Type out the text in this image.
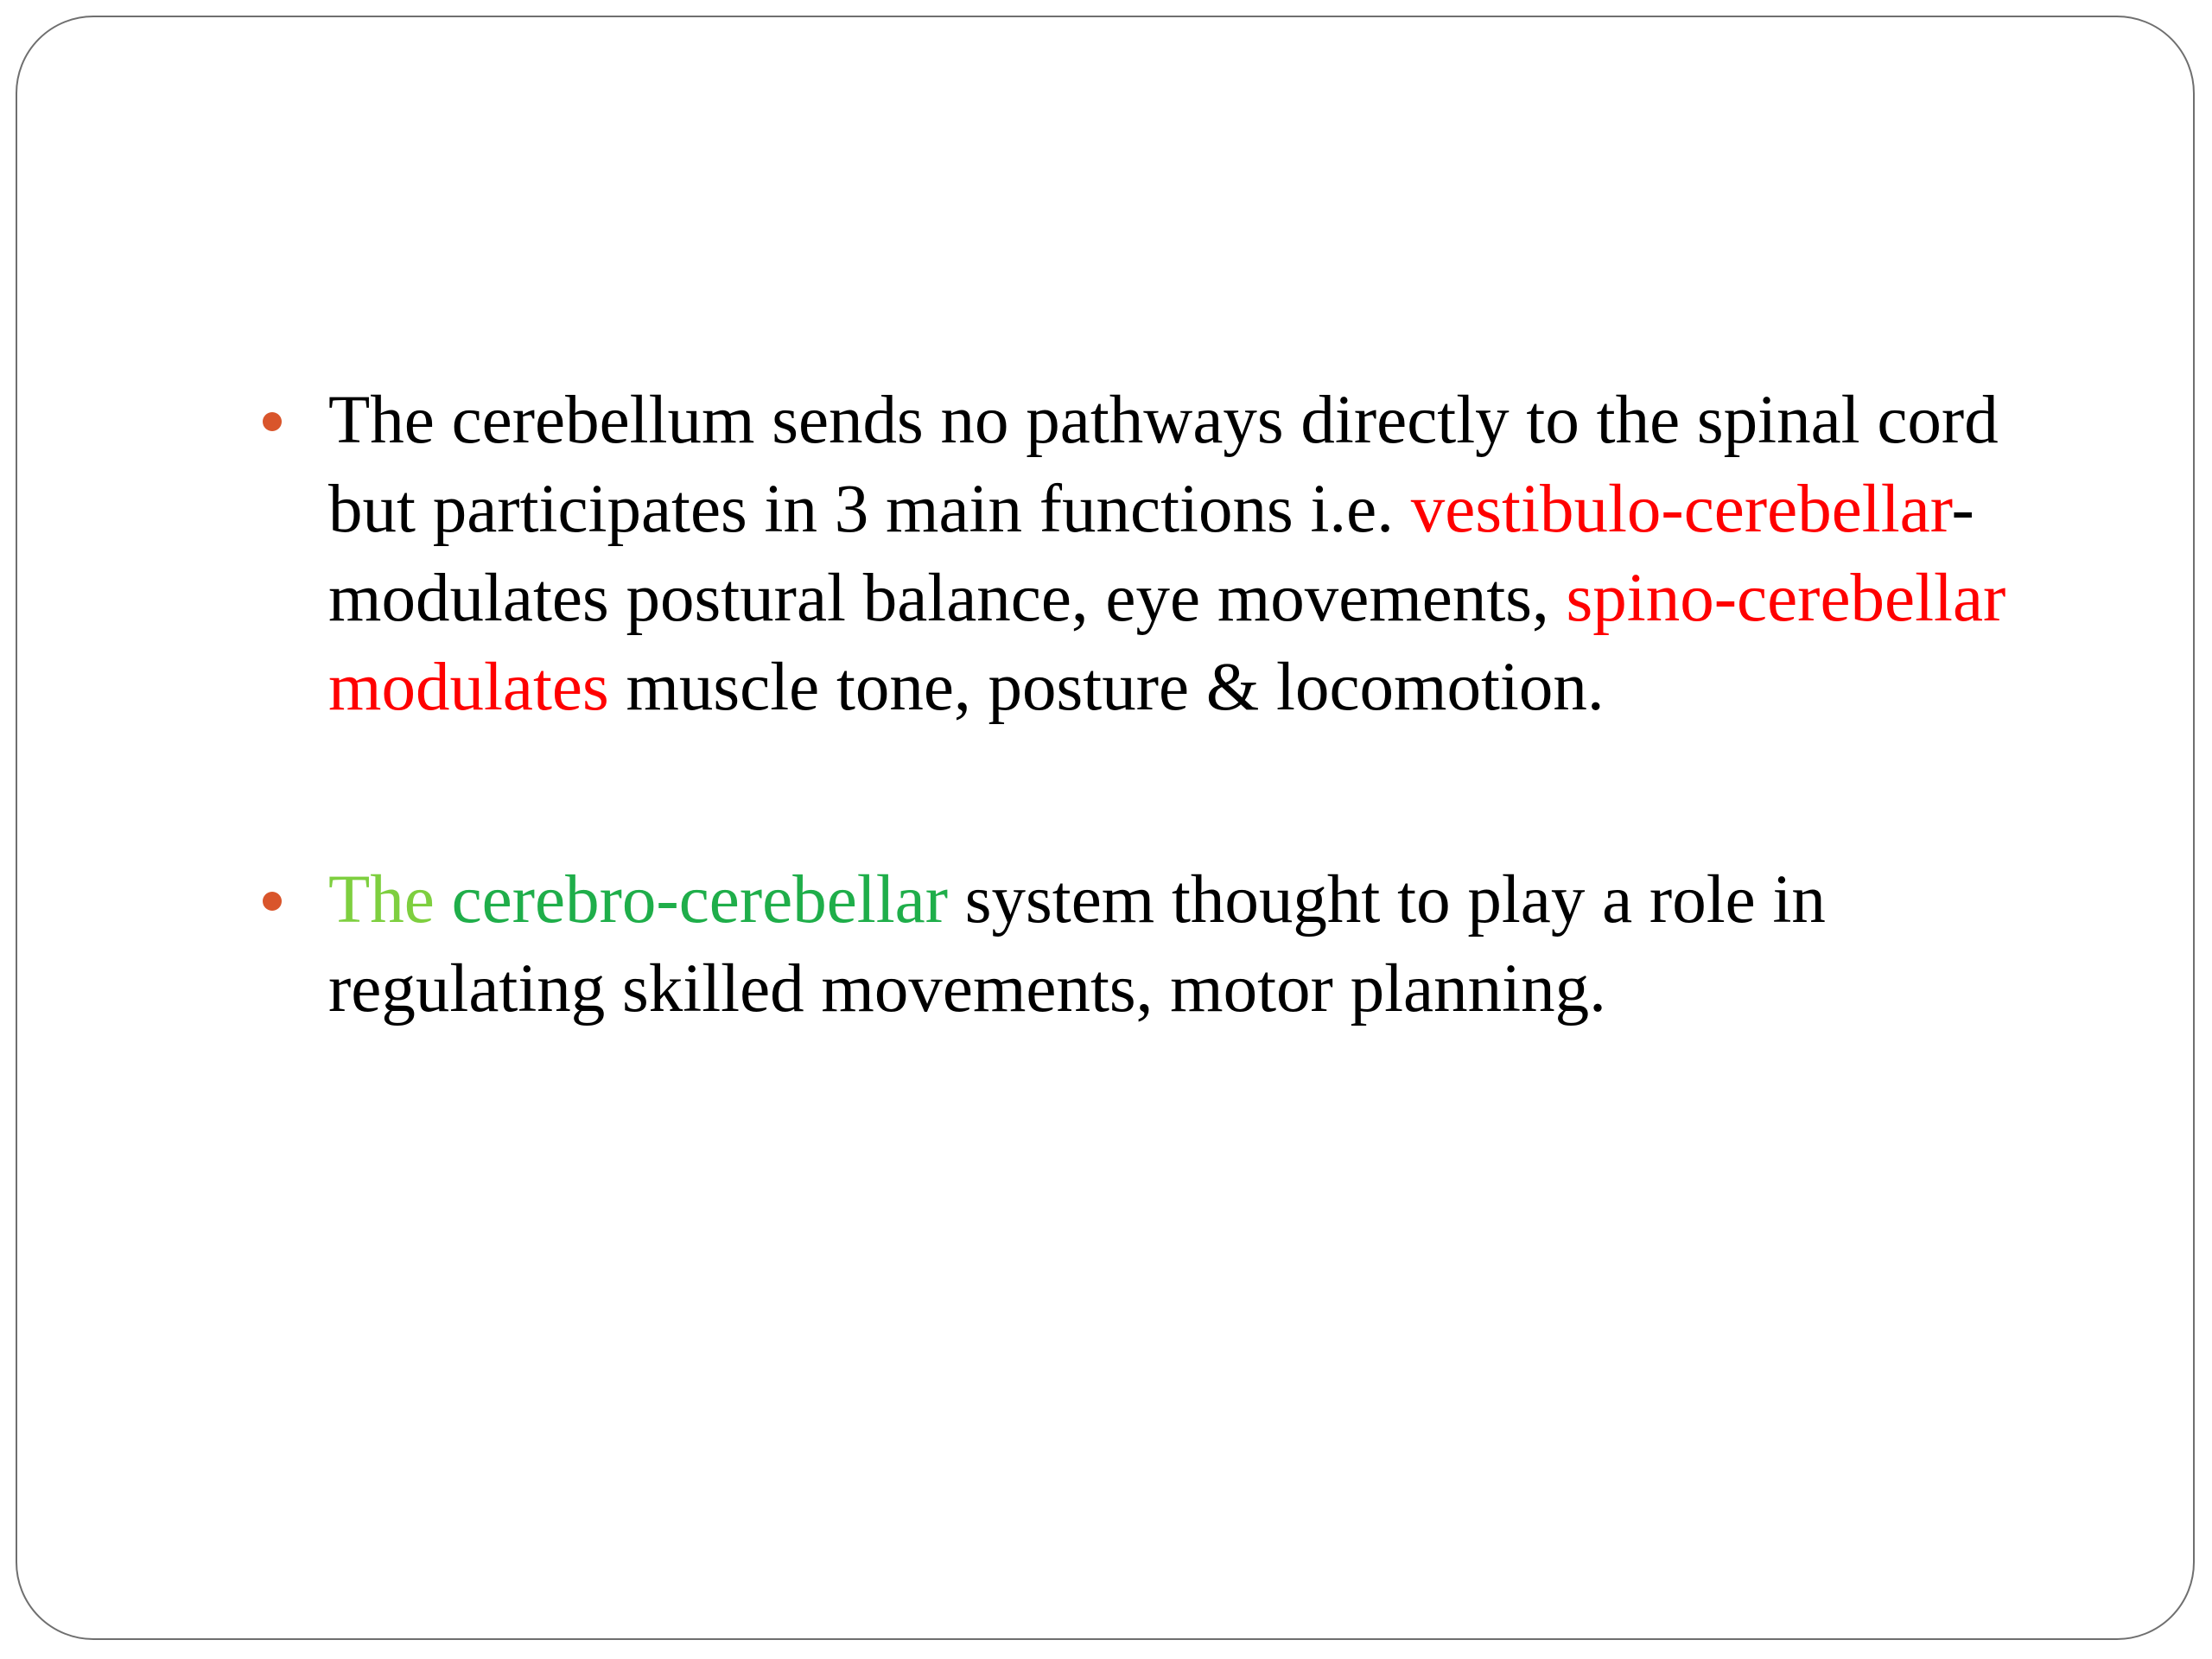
The cerebellum sends no pathways directly to the spinal cord but participates in 3 main functions i.e. vestibulo-cerebellar- modulates postural balance, eye movements, spino-cerebellar modulates muscle tone, posture & locomotion.
The cerebro-cerebellar system thought to play a role in regulating skilled movements, motor planning.
